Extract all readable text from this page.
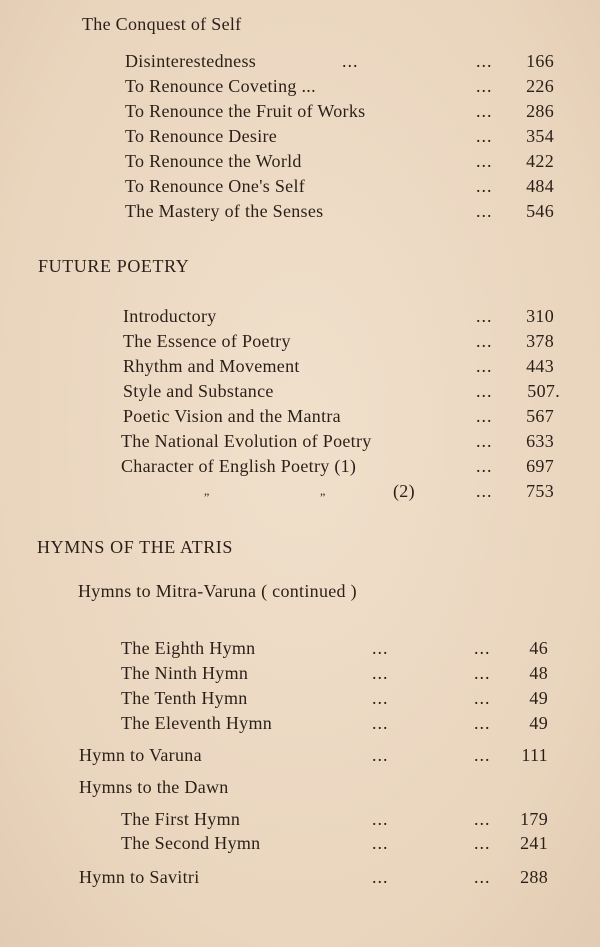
The Conquest of Self
Disinterestedness	...	...	166
To Renounce Coveting ...	...	226
To Renounce the Fruit of Works	...	286
To Renounce Desire	...	354
To Renounce the World	...	422
To Renounce One's Self	...	484
The Mastery of the Senses	...	546
FUTURE POETRY
Introductory	...	310
The Essence of Poetry	...	378
Rhythm and Movement	...	443
Style and Substance	...	507.
Poetic Vision and the Mantra	...	567
The National Evolution of Poetry	...	633
Character of English Poetry (1)	...	697
”	”	(2)	...	753
HYMNS OF THE ATRIS
Hymns to Mitra-Varuna ( continued )
The Eighth Hymn	...	...	46
The Ninth Hymn	...	...	48
The Tenth Hymn	...	...	49
The Eleventh Hymn	...	...	49
Hymn to Varuna	...	...	111
Hymns to the Dawn
The First Hymn	...	...	179
The Second Hymn	...	...	241
Hymn to Savitri	...	...	288
